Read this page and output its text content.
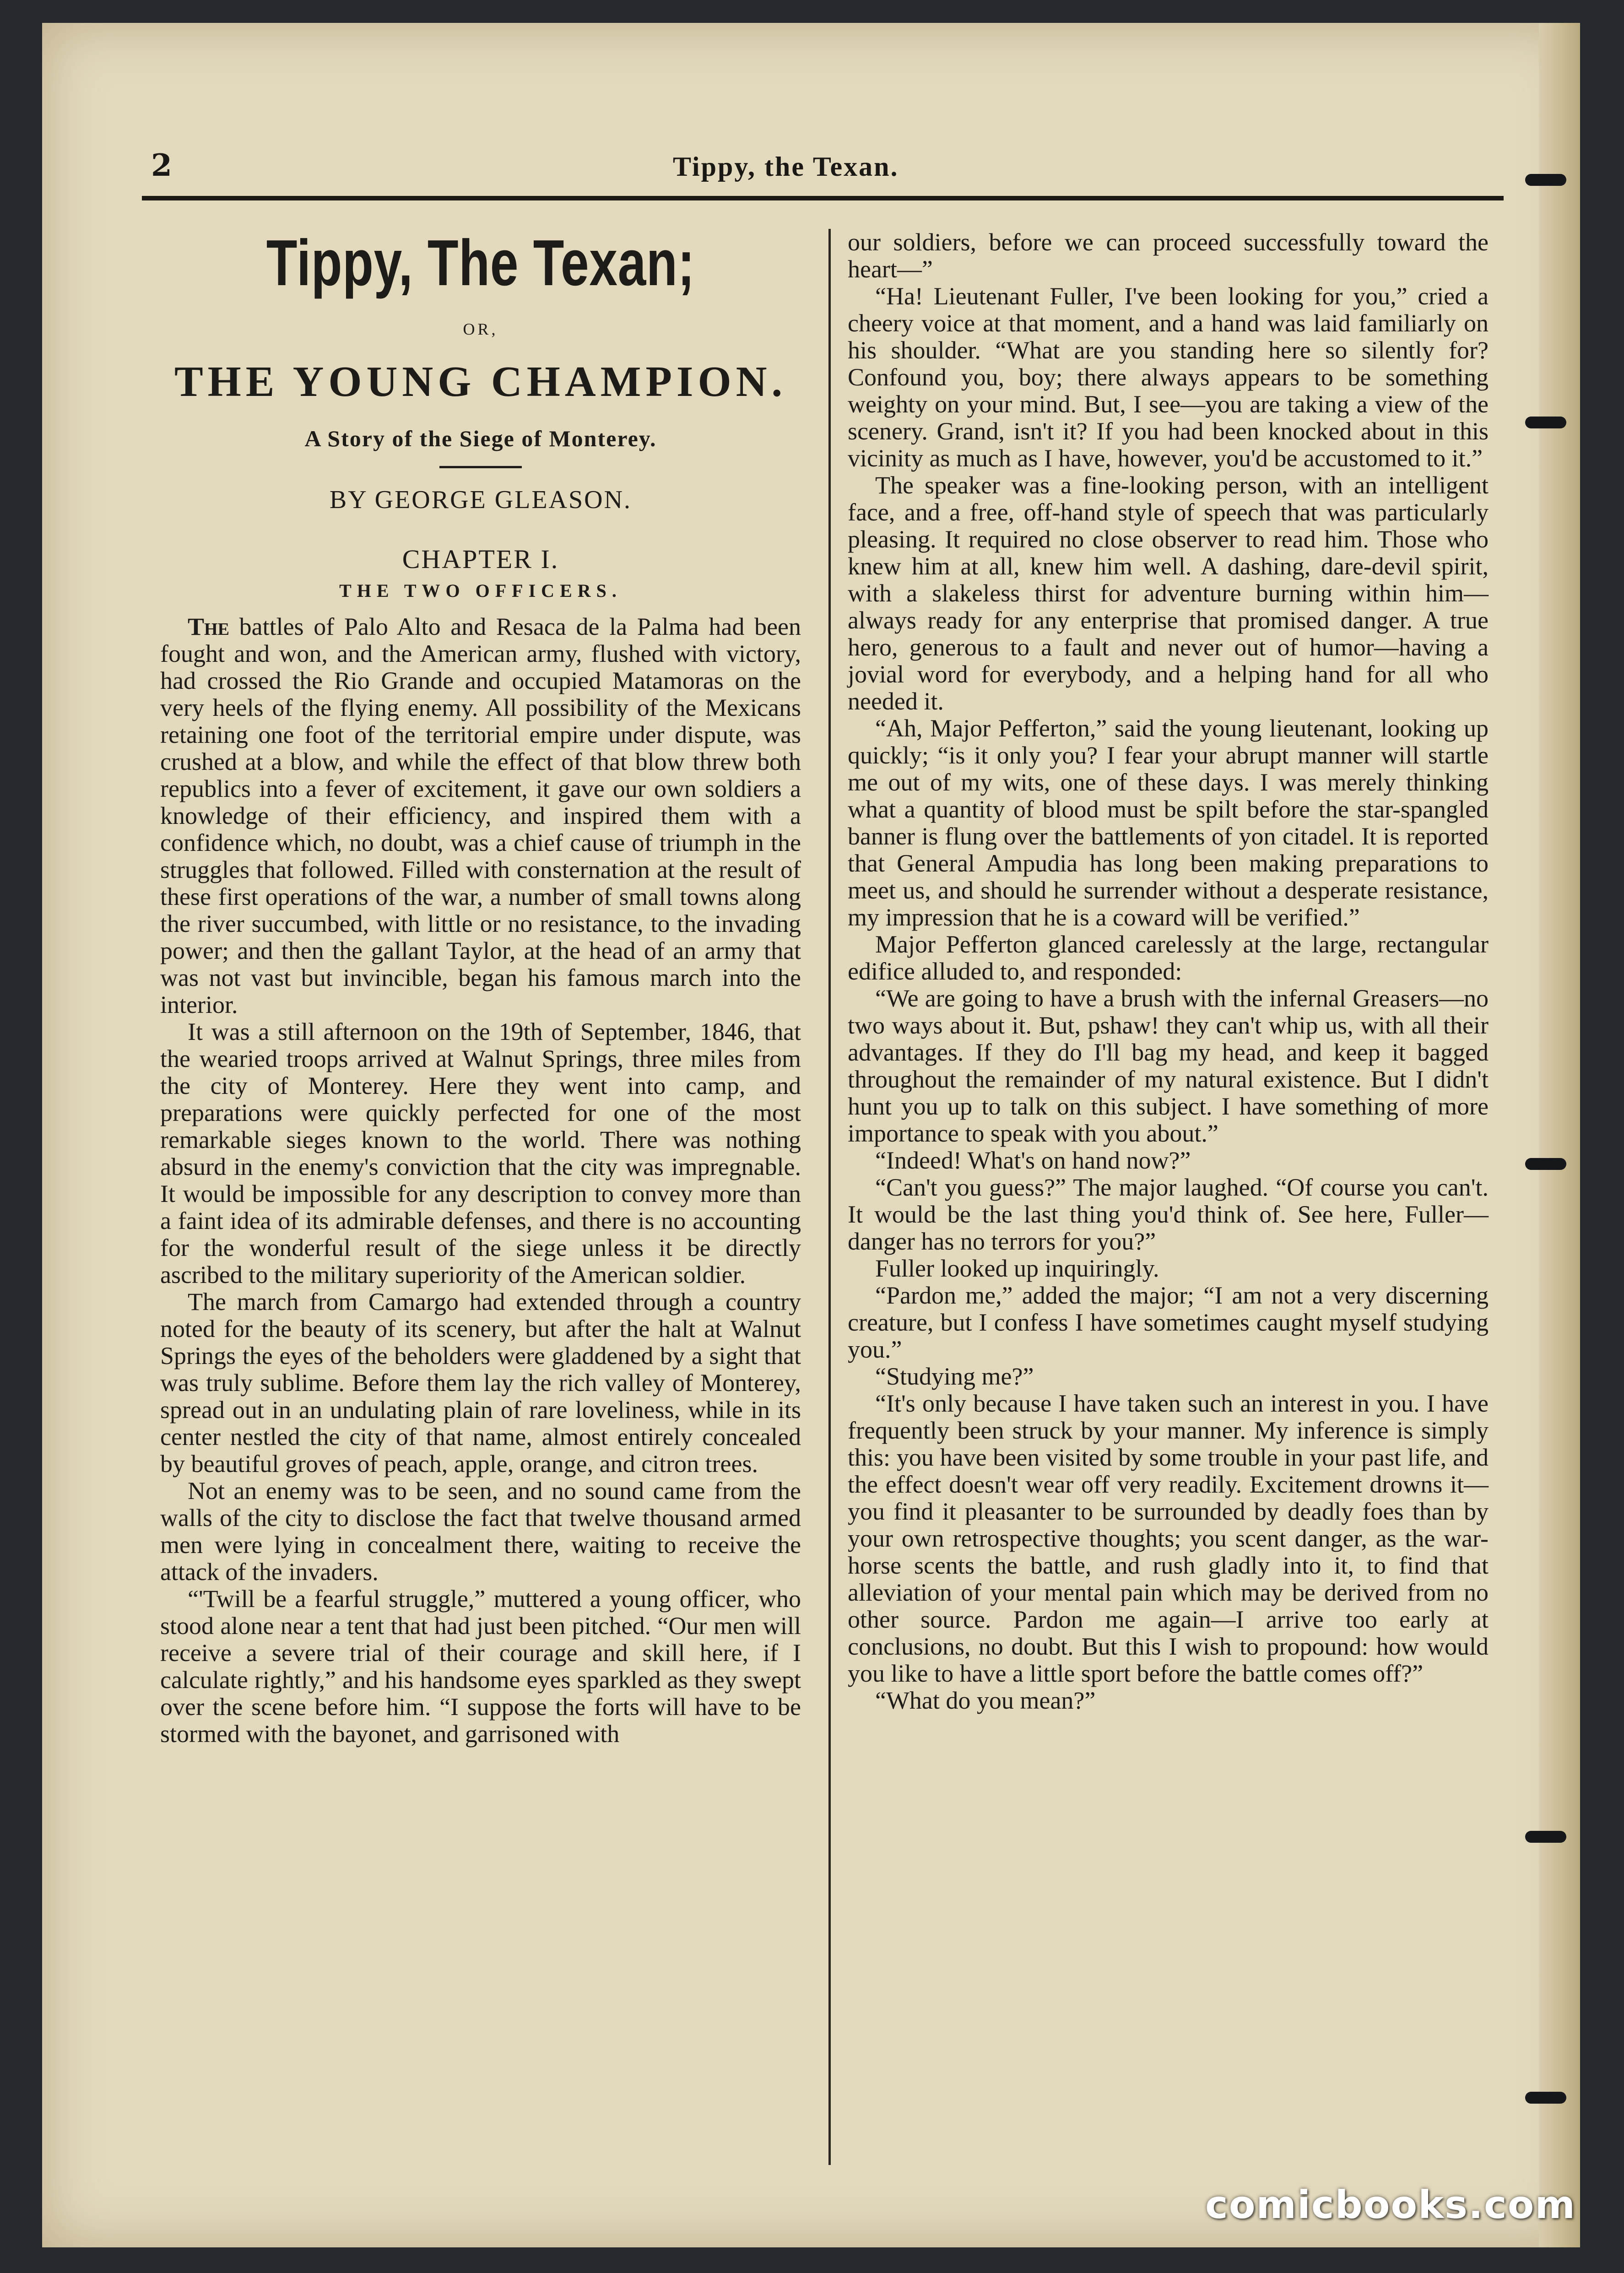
2	Tippy, the Texan.
Tippy, The Texan;
OR,
THE YOUNG CHAMPION.
A Story of the Siege of Monterey.
BY GEORGE GLEASON.
CHAPTER I.
THE TWO OFFICERS.

The battles of Palo Alto and Resaca de la Palma had been fought and won, and the American army, flushed with victory, had crossed the Rio Grande and occupied Matamoras on the very heels of the flying enemy. All possibility of the Mexicans retaining one foot of the territorial empire under dispute, was crushed at a blow, and while the effect of that blow threw both republics into a fever of excitement, it gave our own soldiers a knowledge of their efficiency, and inspired them with a confidence which, no doubt, was a chief cause of triumph in the struggles that followed. Filled with consternation at the result of these first operations of the war, a number of small towns along the river succumbed, with little or no resistance, to the invading power; and then the gallant Taylor, at the head of an army that was not vast but invincible, began his famous march into the interior.

It was a still afternoon on the 19th of September, 1846, that the wearied troops arrived at Walnut Springs, three miles from the city of Monterey. Here they went into camp, and preparations were quickly perfected for one of the most remarkable sieges known to the world. There was nothing absurd in the enemy's conviction that the city was impregnable. It would be impossible for any description to convey more than a faint idea of its admirable defenses, and there is no accounting for the wonderful result of the siege unless it be directly ascribed to the military superiority of the American soldier.

The march from Camargo had extended through a country noted for the beauty of its scenery, but after the halt at Walnut Springs the eyes of the beholders were gladdened by a sight that was truly sublime. Before them lay the rich valley of Monterey, spread out in an undulating plain of rare loveliness, while in its center nestled the city of that name, almost entirely concealed by beautiful groves of peach, apple, orange, and citron trees.

Not an enemy was to be seen, and no sound came from the walls of the city to disclose the fact that twelve thousand armed men were lying in concealment there, waiting to receive the attack of the invaders.

“'Twill be a fearful struggle,” muttered a young officer, who stood alone near a tent that had just been pitched. “Our men will receive a severe trial of their courage and skill here, if I calculate rightly,” and his handsome eyes sparkled as they swept over the scene before him. “I suppose the forts will have to be stormed with the bayonet, and garrisoned with

our soldiers, before we can proceed successfully toward the heart—”

“Ha! Lieutenant Fuller, I've been looking for you,” cried a cheery voice at that moment, and a hand was laid familiarly on his shoulder. “What are you standing here so silently for? Confound you, boy; there always appears to be something weighty on your mind. But, I see—you are taking a view of the scenery. Grand, isn't it? If you had been knocked about in this vicinity as much as I have, however, you'd be accustomed to it.”

The speaker was a fine-looking person, with an intelligent face, and a free, off-hand style of speech that was particularly pleasing. It required no close observer to read him. Those who knew him at all, knew him well. A dashing, dare-devil spirit, with a slakeless thirst for adventure burning within him—always ready for any enterprise that promised danger. A true hero, generous to a fault and never out of humor—having a jovial word for everybody, and a helping hand for all who needed it.

“Ah, Major Pefferton,” said the young lieutenant, looking up quickly; “is it only you? I fear your abrupt manner will startle me out of my wits, one of these days. I was merely thinking what a quantity of blood must be spilt before the star-spangled banner is flung over the battlements of yon citadel. It is reported that General Ampudia has long been making preparations to meet us, and should he surrender without a desperate resistance, my impression that he is a coward will be verified.”

Major Pefferton glanced carelessly at the large, rectangular edifice alluded to, and responded:

“We are going to have a brush with the infernal Greasers—no two ways about it. But, pshaw! they can't whip us, with all their advantages. If they do I'll bag my head, and keep it bagged throughout the remainder of my natural existence. But I didn't hunt you up to talk on this subject. I have something of more importance to speak with you about.”

“Indeed! What's on hand now?”

“Can't you guess?” The major laughed. “Of course you can't. It would be the last thing you'd think of. See here, Fuller—danger has no terrors for you?”

Fuller looked up inquiringly.

“Pardon me,” added the major; “I am not a very discerning creature, but I confess I have sometimes caught myself studying you.”

“Studying me?”

“It's only because I have taken such an interest in you. I have frequently been struck by your manner. My inference is simply this: you have been visited by some trouble in your past life, and the effect doesn't wear off very readily. Excitement drowns it—you find it pleasanter to be surrounded by deadly foes than by your own retrospective thoughts; you scent danger, as the war-horse scents the battle, and rush gladly into it, to find that alleviation of your mental pain which may be derived from no other source. Pardon me again—I arrive too early at conclusions, no doubt. But this I wish to propound: how would you like to have a little sport before the battle comes off?”

“What do you mean?”

comicbooks.com
